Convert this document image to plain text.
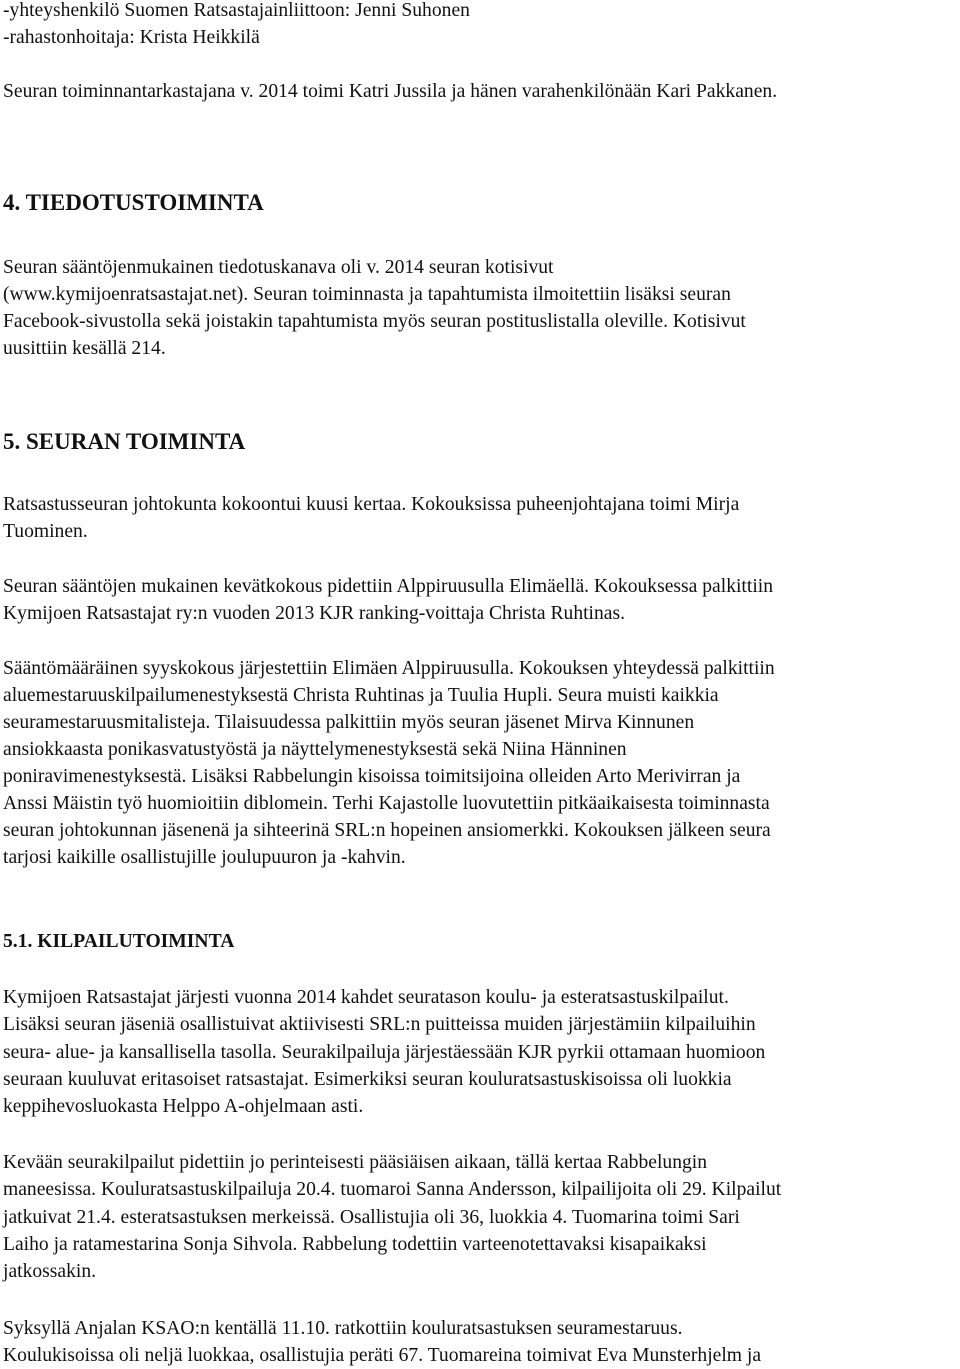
-yhteyshenkilö Suomen Ratsastajainliittoon: Jenni Suhonen

-rahastonhoitaja: Krista Heikkilä

Seuran toiminnantarkastajana v. 2014 toimi Katri Jussila ja hänen varahenkilönään Kari Pakkanen.

4. TIEDOTUSTOIMINTA

Seuran sääntöjenmukainen tiedotuskanava oli v. 2014 seuran kotisivut

(www.kymijoenratsastajat.net). Seuran toiminnasta ja tapahtumista ilmoitettiin lisäksi seuran

Facebook-sivustolla sekä joistakin tapahtumista myös seuran postituslistalla oleville. Kotisivut

uusittiin kesällä 214.

5. SEURAN TOIMINTA

Ratsastusseuran johtokunta kokoontui kuusi kertaa. Kokouksissa puheenjohtajana toimi Mirja

Tuominen.

Seuran sääntöjen mukainen kevätkokous pidettiin Alppiruusulla Elimäellä. Kokouksessa palkittiin

Kymijoen Ratsastajat ry:n vuoden 2013 KJR ranking-voittaja Christa Ruhtinas.

Sääntömääräinen syyskokous järjestettiin Elimäen Alppiruusulla. Kokouksen yhteydessä palkittiin

aluemestaruuskilpailumenestyksestä Christa Ruhtinas ja Tuulia Hupli. Seura muisti kaikkia

seuramestaruusmitalisteja. Tilaisuudessa palkittiin myös seuran jäsenet Mirva Kinnunen

ansiokkaasta ponikasvatustyöstä ja näyttelymenestyksestä sekä Niina Hänninen

poniravimenestyksestä. Lisäksi Rabbelungin kisoissa toimitsijoina olleiden Arto Merivirran ja

Anssi Mäistin työ huomioitiin diblomein. Terhi Kajastolle luovutettiin pitkäaikaisesta toiminnasta

seuran johtokunnan jäsenenä ja sihteerinä SRL:n hopeinen ansiomerkki. Kokouksen jälkeen seura

tarjosi kaikille osallistujille joulupuuron ja -kahvin.

5.1. KILPAILUTOIMINTA

Kymijoen Ratsastajat järjesti vuonna 2014 kahdet seuratason koulu- ja esteratsastuskilpailut.

Lisäksi seuran jäseniä osallistuivat aktiivisesti SRL:n puitteissa muiden järjestämiin kilpailuihin

seura- alue- ja kansallisella tasolla. Seurakilpailuja järjestäessään KJR pyrkii ottamaan huomioon

seuraan kuuluvat eritasoiset ratsastajat. Esimerkiksi seuran kouluratsastuskisoissa oli luokkia

keppihevosluokasta Helppo A-ohjelmaan asti.

Kevään seurakilpailut pidettiin jo perinteisesti pääsiäisen aikaan, tällä kertaa Rabbelungin

maneesissa. Kouluratsastuskilpailuja 20.4. tuomaroi Sanna Andersson, kilpailijoita oli 29. Kilpailut

jatkuivat 21.4. esteratsastuksen merkeissä. Osallistujia oli 36, luokkia 4. Tuomarina toimi Sari

Laiho ja ratamestarina Sonja Sihvola. Rabbelung todettiin varteenotettavaksi kisapaikaksi

jatkossakin.

Syksyllä Anjalan KSAO:n kentällä 11.10. ratkottiin kouluratsastuksen seuramestaruus.

Koulukisoissa oli neljä luokkaa, osallistujia peräti 67. Tuomareina toimivat Eva Munsterhjelm ja
